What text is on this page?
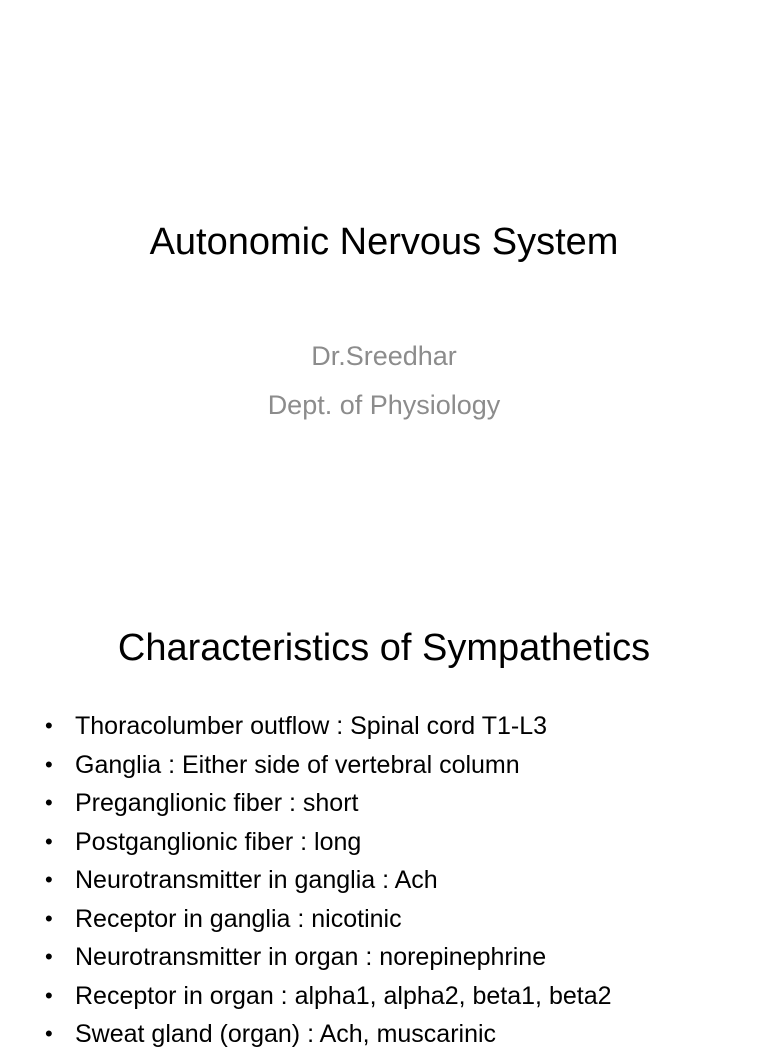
Autonomic Nervous System
Dr.Sreedhar
Dept. of Physiology
Characteristics of Sympathetics
• Thoracolumber outflow : Spinal cord T1-L3
• Ganglia : Either side of vertebral column
• Preganglionic fiber : short
• Postganglionic fiber : long
• Neurotransmitter in ganglia : Ach
• Receptor in ganglia : nicotinic
• Neurotransmitter in organ : norepinephrine
• Receptor in organ : alpha1, alpha2, beta1, beta2
• Sweat gland (organ) : Ach, muscarinic
